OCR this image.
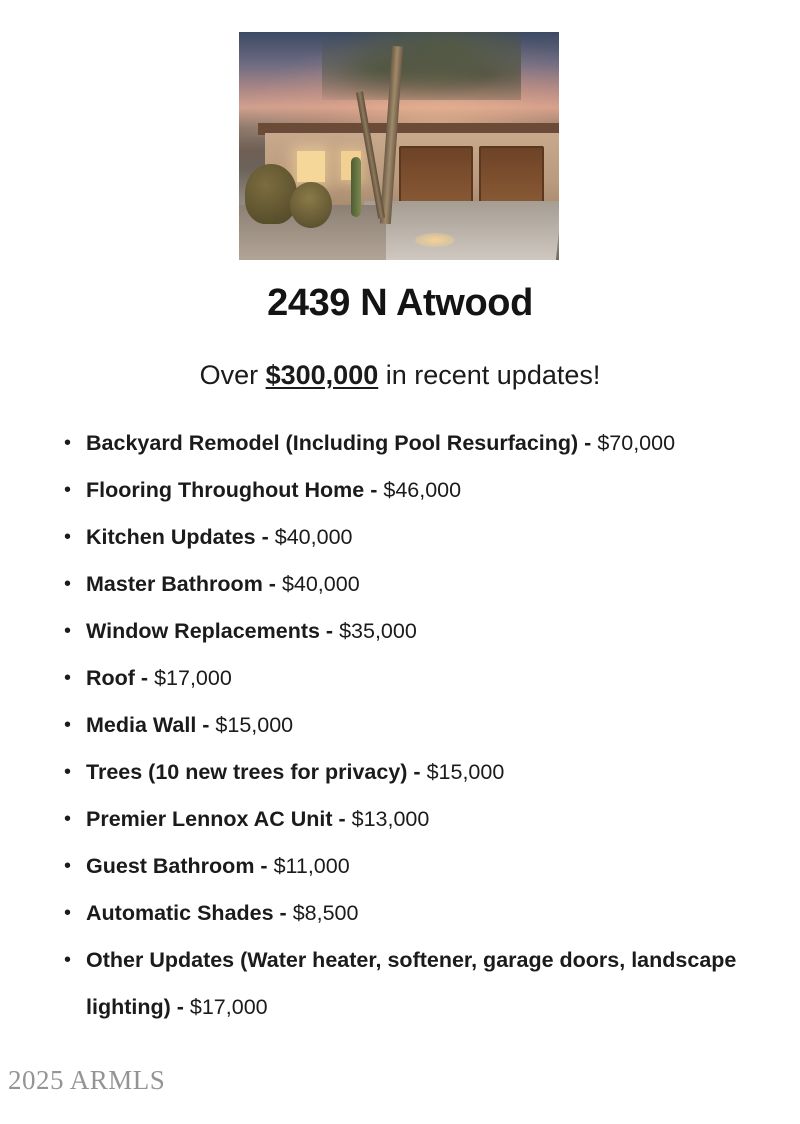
2439 N Atwood
Over $300,000 in recent updates!
• Backyard Remodel (Including Pool Resurfacing) - $70,000
• Flooring Throughout Home - $46,000
• Kitchen Updates - $40,000
• Master Bathroom - $40,000
• Window Replacements - $35,000
• Roof - $17,000
• Media Wall - $15,000
• Trees (10 new trees for privacy) - $15,000
• Premier Lennox AC Unit - $13,000
• Guest Bathroom - $11,000
• Automatic Shades - $8,500
• Other Updates (Water heater, softener, garage doors, landscape lighting) - $17,000
2025 ARMLS
